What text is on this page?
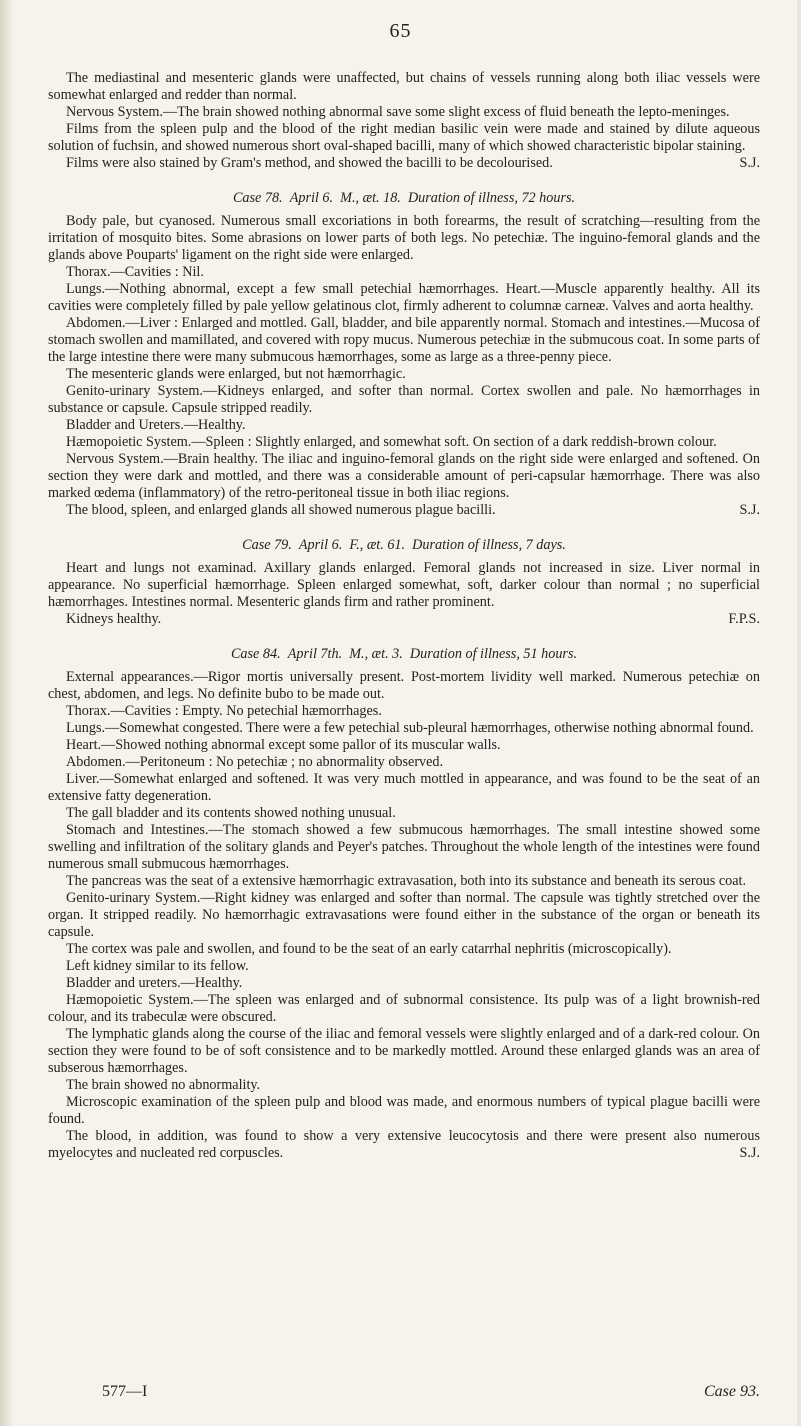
65

The mediastinal and mesenteric glands were unaffected, but chains of vessels running along both iliac vessels were somewhat enlarged and redder than normal.

Nervous System.—The brain showed nothing abnormal save some slight excess of fluid beneath the lepto-meninges.

Films from the spleen pulp and the blood of the right median basilic vein were made and stained by dilute aqueous solution of fuchsin, and showed numerous short oval-shaped bacilli, many of which showed characteristic bipolar staining.

Films were also stained by Gram's method, and showed the bacilli to be decolourised.	S.J.

Case 78. April 6. M., æt. 18. Duration of illness, 72 hours.

Body pale, but cyanosed. Numerous small excoriations in both forearms, the result of scratching—resulting from the irritation of mosquito bites. Some abrasions on lower parts of both legs. No petechiæ. The inguino-femoral glands and the glands above Pouparts' ligament on the right side were enlarged.

Thorax.—Cavities : Nil.

Lungs.—Nothing abnormal, except a few small petechial hæmorrhages. Heart.—Muscle apparently healthy. All its cavities were completely filled by pale yellow gelatinous clot, firmly adherent to columnæ carneæ. Valves and aorta healthy.

Abdomen.—Liver : Enlarged and mottled. Gall, bladder, and bile apparently normal. Stomach and intestines.—Mucosa of stomach swollen and mamillated, and covered with ropy mucus. Numerous petechiæ in the submucous coat. In some parts of the large intestine there were many submucous hæmorrhages, some as large as a three-penny piece.

The mesenteric glands were enlarged, but not hæmorrhagic.

Genito-urinary System.—Kidneys enlarged, and softer than normal. Cortex swollen and pale. No hæmorrhages in substance or capsule. Capsule stripped readily.

Bladder and Ureters.—Healthy.

Hæmopoietic System.—Spleen : Slightly enlarged, and somewhat soft. On section of a dark reddish-brown colour.

Nervous System.—Brain healthy. The iliac and inguino-femoral glands on the right side were enlarged and softened. On section they were dark and mottled, and there was a considerable amount of peri-capsular hæmorrhage. There was also marked œdema (inflammatory) of the retro-peritoneal tissue in both iliac regions.

The blood, spleen, and enlarged glands all showed numerous plague bacilli.	S.J.

Case 79. April 6. F., æt. 61. Duration of illness, 7 days.

Heart and lungs not examinad. Axillary glands enlarged. Femoral glands not increased in size. Liver normal in appearance. No superficial hæmorrhage. Spleen enlarged somewhat, soft, darker colour than normal ; no superficial hæmorrhages. Intestines normal. Mesenteric glands firm and rather prominent.

Kidneys healthy.	F.P.S.

Case 84. April 7th. M., æt. 3. Duration of illness, 51 hours.

External appearances.—Rigor mortis universally present. Post-mortem lividity well marked. Numerous petechiæ on chest, abdomen, and legs. No definite bubo to be made out.

Thorax.—Cavities : Empty. No petechial hæmorrhages.

Lungs.—Somewhat congested. There were a few petechial sub-pleural hæmorrhages, otherwise nothing abnormal found.

Heart.—Showed nothing abnormal except some pallor of its muscular walls.

Abdomen.—Peritoneum : No petechiæ ; no abnormality observed.

Liver.—Somewhat enlarged and softened. It was very much mottled in appearance, and was found to be the seat of an extensive fatty degeneration.

The gall bladder and its contents showed nothing unusual.

Stomach and Intestines.—The stomach showed a few submucous hæmorrhages. The small intestine showed some swelling and infiltration of the solitary glands and Peyer's patches. Throughout the whole length of the intestines were found numerous small submucous hæmorrhages.

The pancreas was the seat of a extensive hæmorrhagic extravasation, both into its substance and beneath its serous coat.

Genito-urinary System.—Right kidney was enlarged and softer than normal. The capsule was tightly stretched over the organ. It stripped readily. No hæmorrhagic extravasations were found either in the substance of the organ or beneath its capsule.

The cortex was pale and swollen, and found to be the seat of an early catarrhal nephritis (microscopically).

Left kidney similar to its fellow.

Bladder and ureters.—Healthy.

Hæmopoietic System.—The spleen was enlarged and of subnormal consistence. Its pulp was of a light brownish-red colour, and its trabeculæ were obscured.

The lymphatic glands along the course of the iliac and femoral vessels were slightly enlarged and of a dark-red colour. On section they were found to be of soft consistence and to be markedly mottled. Around these enlarged glands was an area of subserous hæmorrhages.

The brain showed no abnormality.

Microscopic examination of the spleen pulp and blood was made, and enormous numbers of typical plague bacilli were found.

The blood, in addition, was found to show a very extensive leucocytosis and there were present also numerous myelocytes and nucleated red corpuscles.	S.J.

577—I	Case 93.
